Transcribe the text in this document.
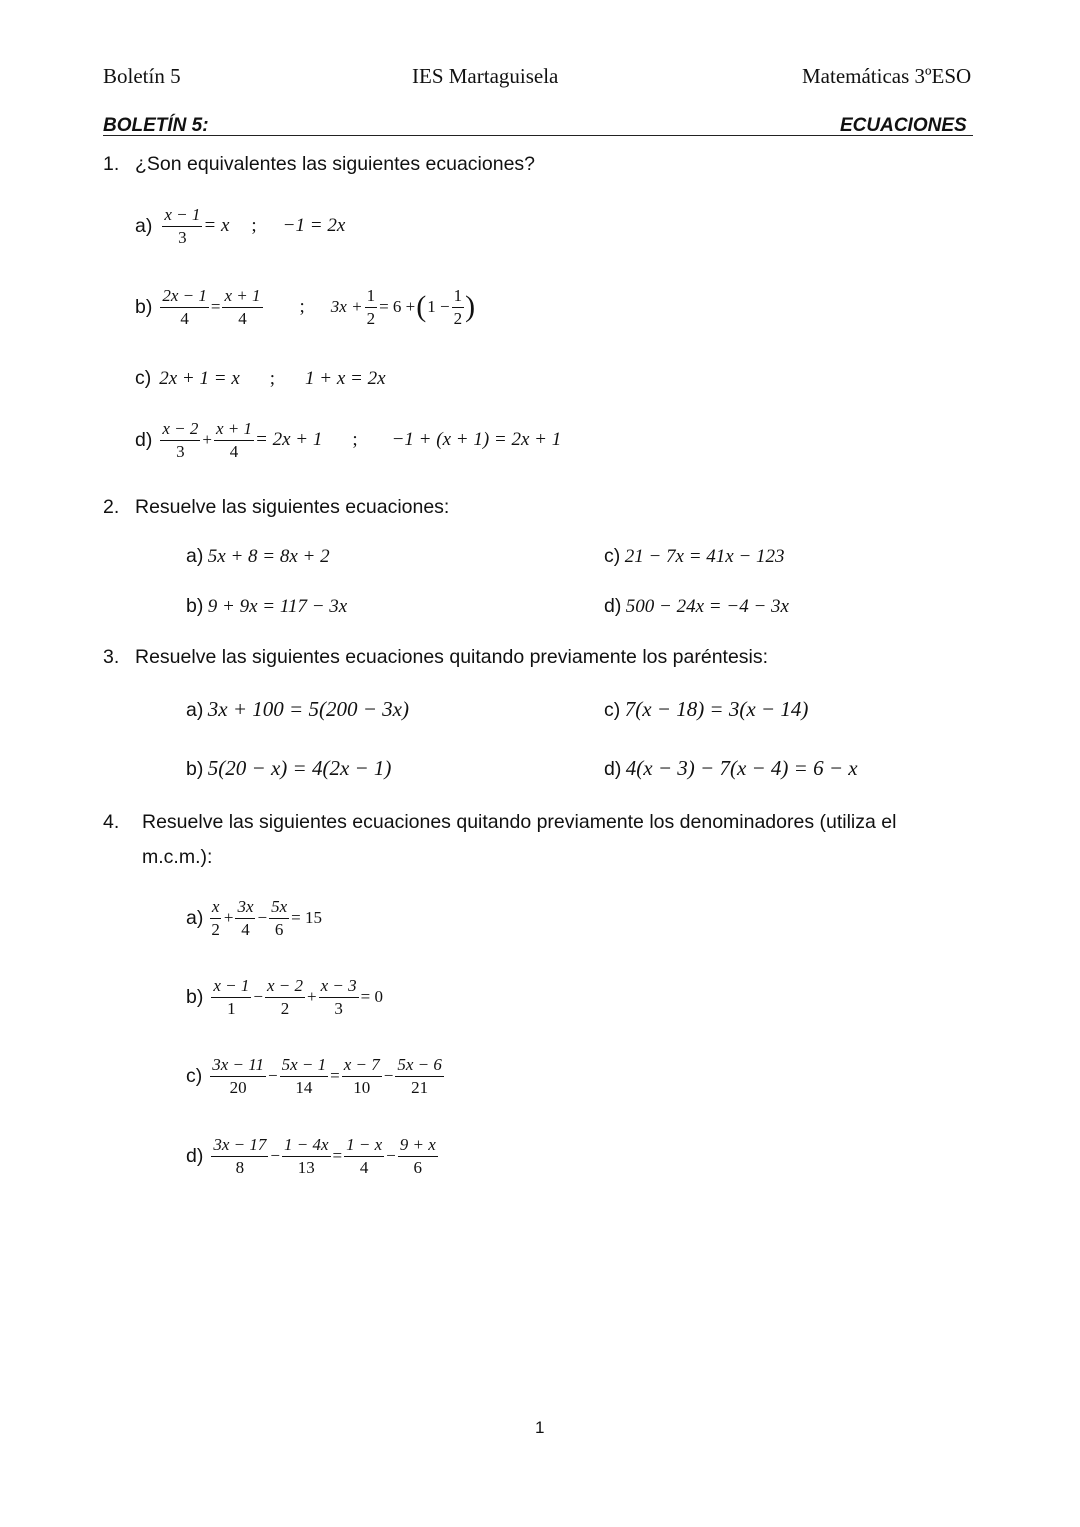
Boletín 5	IES Martaguisela	Matemáticas 3ºESO
BOLETÍN 5:	ECUACIONES
1. ¿Son equivalentes las siguientes ecuaciones?
$a) \frac{x - 1}{3} = x$ ; −1 = 2x
$b) \frac{2x - 1}{4} = \frac{x + 1}{4}$ ; $3x + \frac{1}{2} = 6$ + ( $1 - \frac{1}{2}$ )
c) 2x + 1 = x ; 1 + x = 2x
$d) \frac{x - 2}{3} + \frac{x + 1}{4} = 2x + 1$ ; −1 + (x + 1) = 2x + 1
2. Resuelve las siguientes ecuaciones:
a) 5x + 8 = 8x + 2
b) 9 + 9x = 117 − 3x
c) 21 − 7x = 41x − 123
d) 500 − 24x = −4 − 3x
3. Resuelve las siguientes ecuaciones quitando previamente los paréntesis:
a) 3x + 100 = 5(200 − 3x)
b) 5(20 − x) = 4(2x − 1)
c) 7(x − 18) = 3(x − 14)
d) 4(x − 3) − 7(x − 4) = 6 − x
4. Resuelve las siguientes ecuaciones quitando previamente los denominadores (utiliza el
m.c.m.):
$a) \frac{x}{2} + \frac{3x}{4} - \frac{5x}{6} = 15$
$b) \frac{x - 1}{1} - \frac{x - 2}{2} + \frac{x - 3}{3} = 0$
$c) \frac{3x - 11}{20} - \frac{5x - 1}{14} = \frac{x - 7}{10} - \frac{5x - 6}{21}$
$d) \frac{3x - 17}{8} - \frac{1 - 4x}{13} = \frac{1 - x}{4} - \frac{9 + x}{6}$
1
